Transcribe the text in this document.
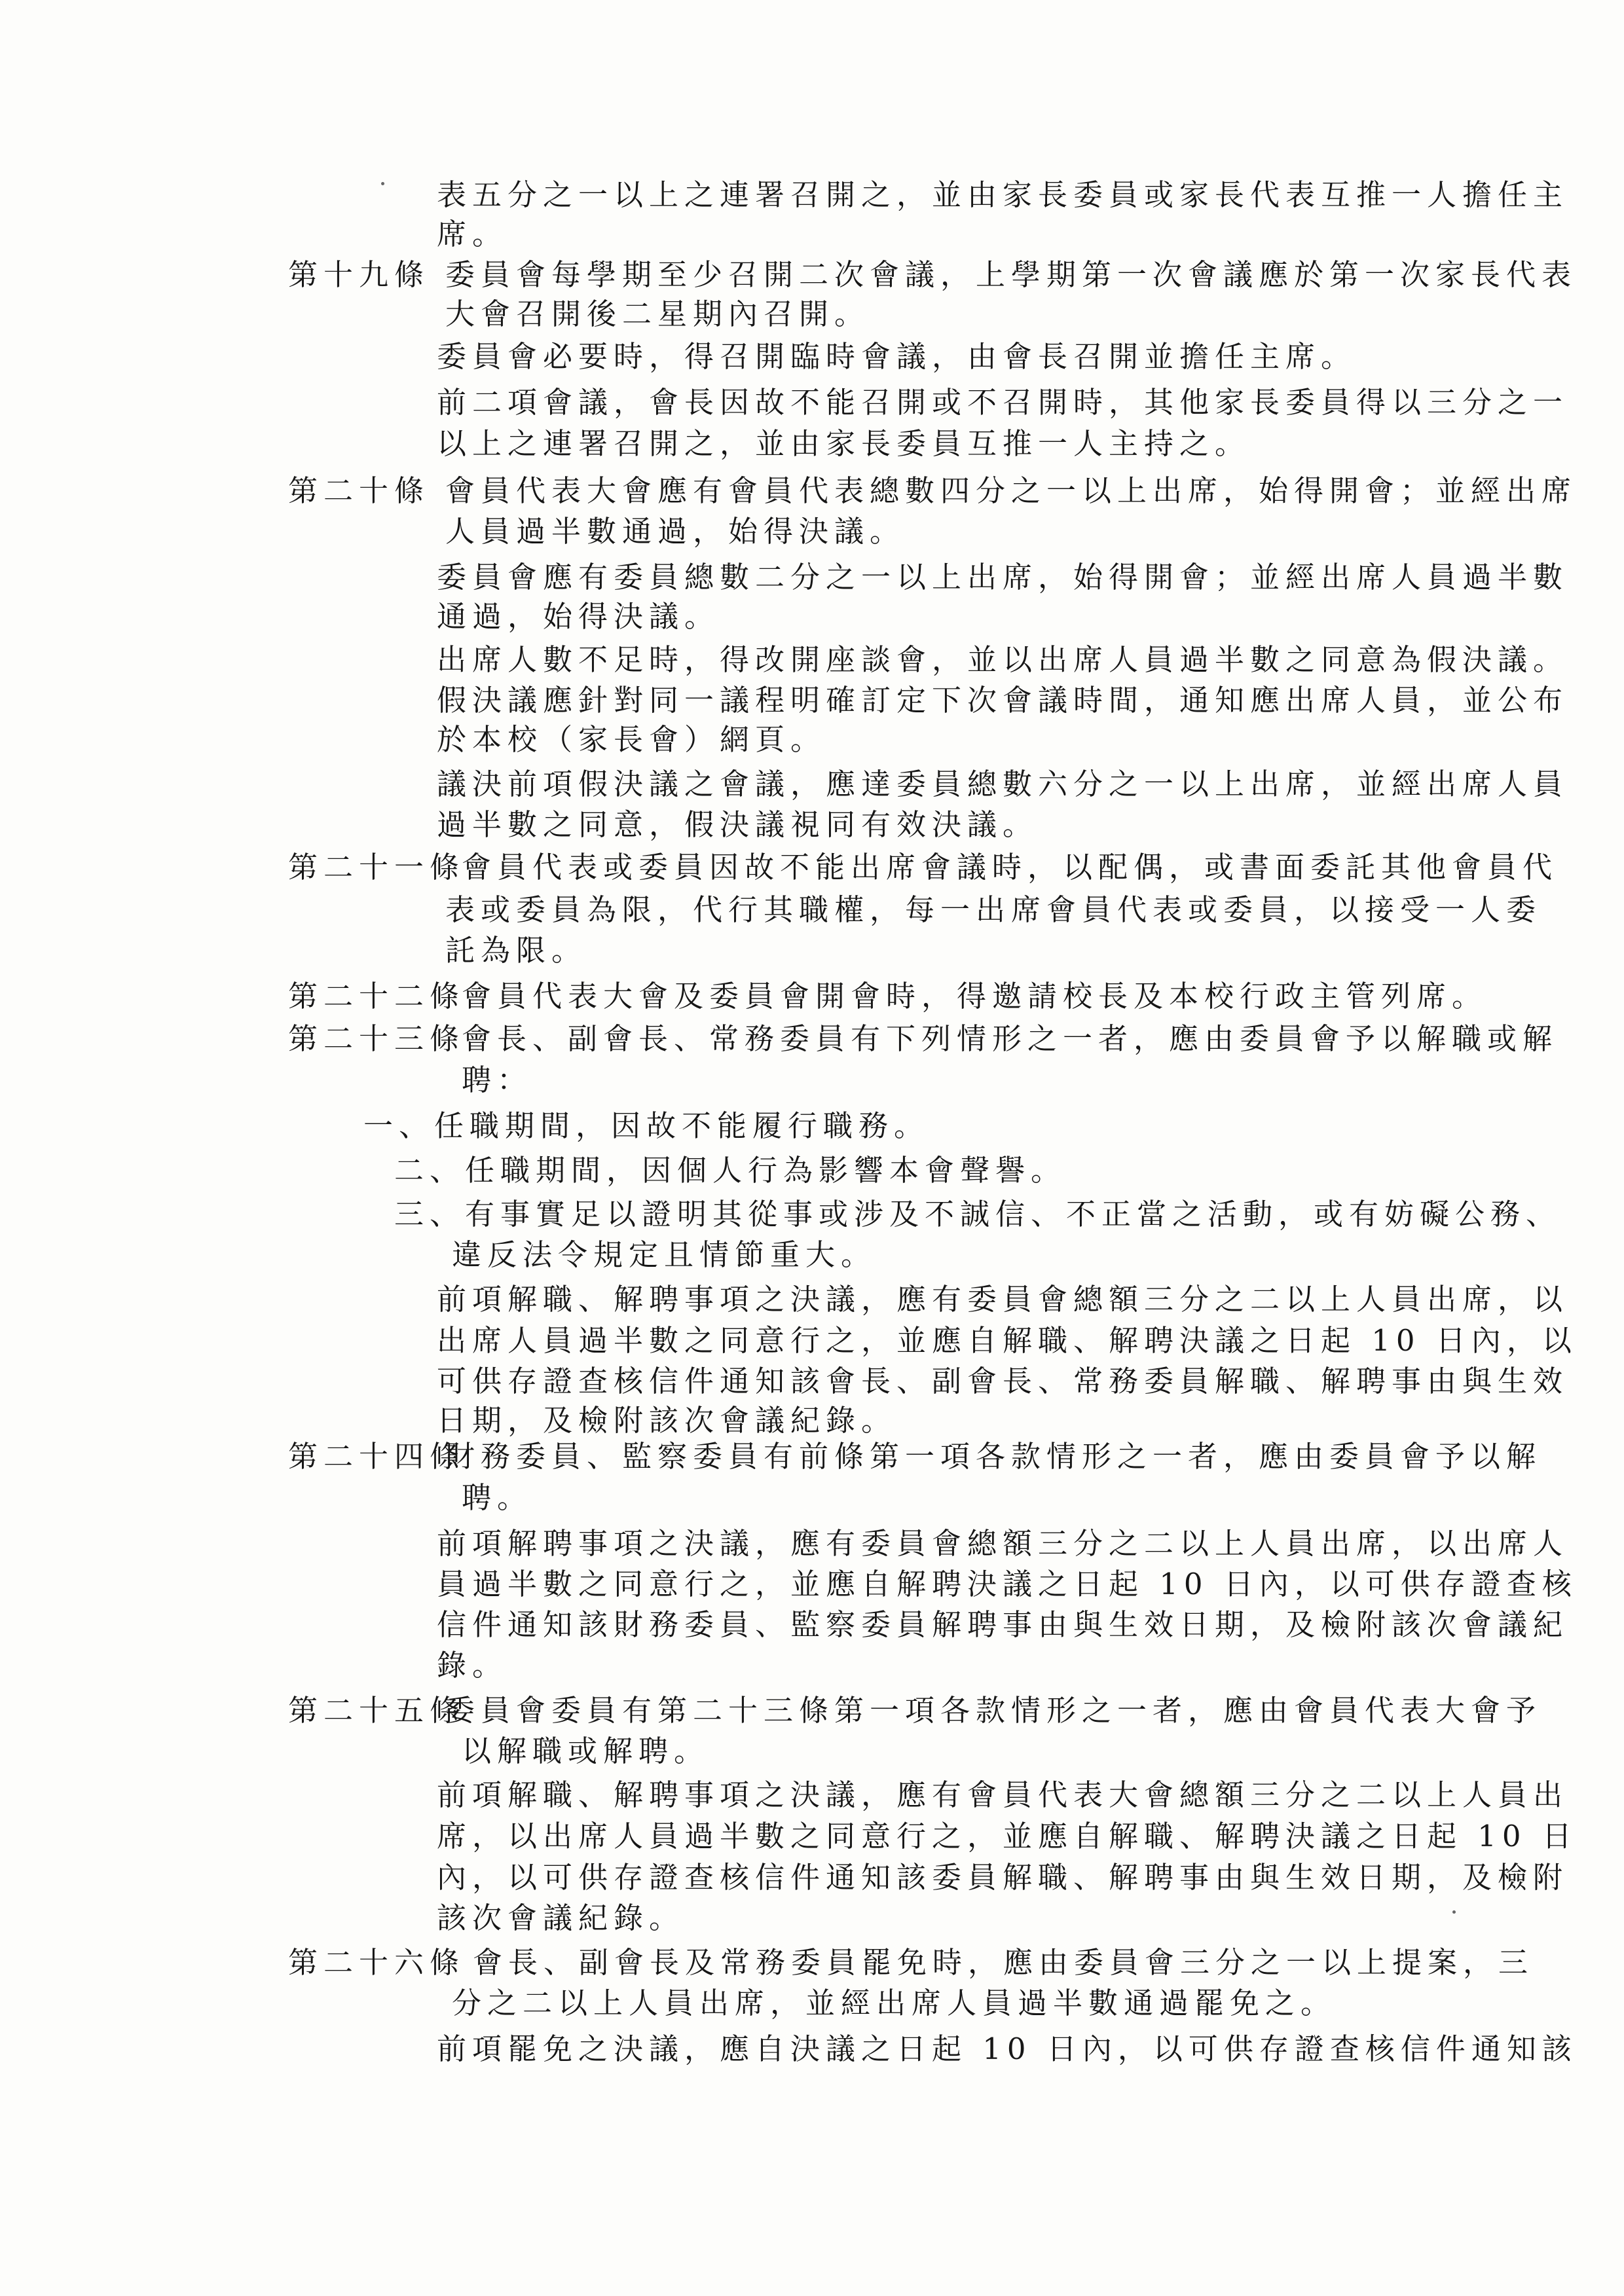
第十九條
第二十條
第二十一條
第二十二條
第二十三條
第二十四條
第二十五條
第二十六條
表五分之一以上之連署召開之，並由家長委員或家長代表互推一人擔任主
席。
委員會每學期至少召開二次會議，上學期第一次會議應於第一次家長代表
大會召開後二星期內召開。
委員會必要時，得召開臨時會議，由會長召開並擔任主席。
前二項會議，會長因故不能召開或不召開時，其他家長委員得以三分之一
以上之連署召開之，並由家長委員互推一人主持之。
會員代表大會應有會員代表總數四分之一以上出席，始得開會；並經出席
人員過半數通過，始得決議。
委員會應有委員總數二分之一以上出席，始得開會；並經出席人員過半數
通過，始得決議。
出席人數不足時，得改開座談會，並以出席人員過半數之同意為假決議。
假決議應針對同一議程明確訂定下次會議時間，通知應出席人員，並公布
於本校（家長會）網頁。
議決前項假決議之會議，應達委員總數六分之一以上出席，並經出席人員
過半數之同意，假決議視同有效決議。
會員代表或委員因故不能出席會議時，以配偶，或書面委託其他會員代
表或委員為限，代行其職權，每一出席會員代表或委員，以接受一人委
託為限。
會員代表大會及委員會開會時，得邀請校長及本校行政主管列席。
會長、副會長、常務委員有下列情形之一者，應由委員會予以解職或解
聘：
一、任職期間，因故不能履行職務。
二、任職期間，因個人行為影響本會聲譽。
三、有事實足以證明其從事或涉及不誠信、不正當之活動，或有妨礙公務、
違反法令規定且情節重大。
前項解職、解聘事項之決議，應有委員會總額三分之二以上人員出席，以
出席人員過半數之同意行之，並應自解職、解聘決議之日起 10 日內，以
可供存證查核信件通知該會長、副會長、常務委員解職、解聘事由與生效
日期，及檢附該次會議紀錄。
財務委員、監察委員有前條第一項各款情形之一者，應由委員會予以解
聘。
前項解聘事項之決議，應有委員會總額三分之二以上人員出席，以出席人
員過半數之同意行之，並應自解聘決議之日起 10 日內，以可供存證查核
信件通知該財務委員、監察委員解聘事由與生效日期，及檢附該次會議紀
錄。
委員會委員有第二十三條第一項各款情形之一者，應由會員代表大會予
以解職或解聘。
前項解職、解聘事項之決議，應有會員代表大會總額三分之二以上人員出
席，以出席人員過半數之同意行之，並應自解職、解聘決議之日起 10 日
內，以可供存證查核信件通知該委員解職、解聘事由與生效日期，及檢附
該次會議紀錄。
會長、副會長及常務委員罷免時，應由委員會三分之一以上提案，三
分之二以上人員出席，並經出席人員過半數通過罷免之。
前項罷免之決議，應自決議之日起 10 日內，以可供存證查核信件通知該
